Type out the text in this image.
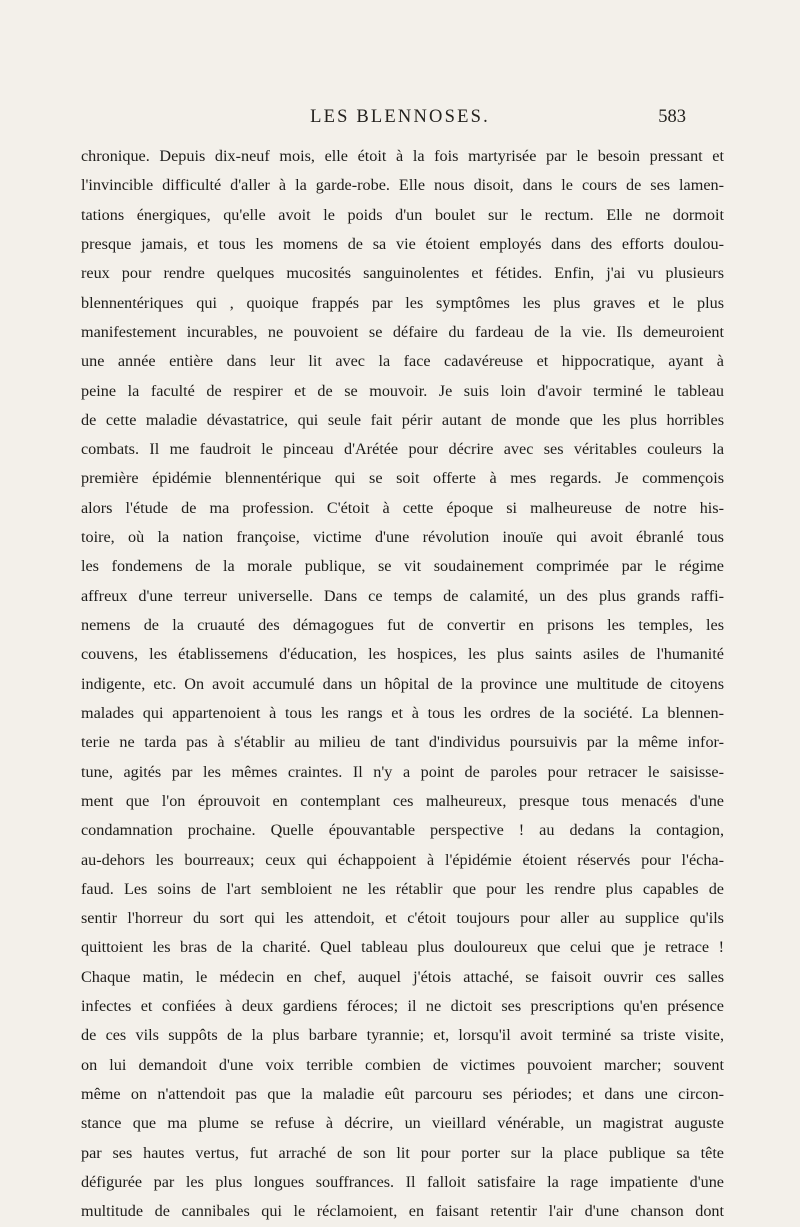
LES BLENNOSES.	583
chronique. Depuis dix-neuf mois, elle étoit à la fois martyrisée par le besoin pressant et
l'invincible difficulté d'aller à la garde-robe. Elle nous disoit, dans le cours de ses lamen-
tations énergiques, qu'elle avoit le poids d'un boulet sur le rectum. Elle ne dormoit
presque jamais, et tous les momens de sa vie étoient employés dans des efforts doulou-
reux pour rendre quelques mucosités sanguinolentes et fétides. Enfin, j'ai vu plusieurs
blennentériques qui , quoique frappés par les symptômes les plus graves et le plus
manifestement incurables, ne pouvoient se défaire du fardeau de la vie. Ils demeuroient
une année entière dans leur lit avec la face cadavéreuse et hippocratique, ayant à
peine la faculté de respirer et de se mouvoir. Je suis loin d'avoir terminé le tableau
de cette maladie dévastatrice, qui seule fait périr autant de monde que les plus horribles
combats. Il me faudroit le pinceau d'Arétée pour décrire avec ses véritables couleurs la
première épidémie blennentérique qui se soit offerte à mes regards. Je commençois
alors l'étude de ma profession. C'étoit à cette époque si malheureuse de notre his-
toire, où la nation françoise, victime d'une révolution inouïe qui avoit ébranlé tous
les fondemens de la morale publique, se vit soudainement comprimée par le régime
affreux d'une terreur universelle. Dans ce temps de calamité, un des plus grands raffi-
nemens de la cruauté des démagogues fut de convertir en prisons les temples, les
couvens, les établissemens d'éducation, les hospices, les plus saints asiles de l'humanité
indigente, etc. On avoit accumulé dans un hôpital de la province une multitude de citoyens
malades qui appartenoient à tous les rangs et à tous les ordres de la société. La blennen-
terie ne tarda pas à s'établir au milieu de tant d'individus poursuivis par la même infor-
tune, agités par les mêmes craintes. Il n'y a point de paroles pour retracer le saisisse-
ment que l'on éprouvoit en contemplant ces malheureux, presque tous menacés d'une
condamnation prochaine. Quelle épouvantable perspective ! au dedans la contagion,
au-dehors les bourreaux; ceux qui échappoient à l'épidémie étoient réservés pour l'écha-
faud. Les soins de l'art sembloient ne les rétablir que pour les rendre plus capables de
sentir l'horreur du sort qui les attendoit, et c'étoit toujours pour aller au supplice qu'ils
quittoient les bras de la charité. Quel tableau plus douloureux que celui que je retrace !
Chaque matin, le médecin en chef, auquel j'étois attaché, se faisoit ouvrir ces salles
infectes et confiées à deux gardiens féroces; il ne dictoit ses prescriptions qu'en présence
de ces vils suppôts de la plus barbare tyrannie; et, lorsqu'il avoit terminé sa triste visite,
on lui demandoit d'une voix terrible combien de victimes pouvoient marcher; souvent
même on n'attendoit pas que la maladie eût parcouru ses périodes; et dans une circon-
stance que ma plume se refuse à décrire, un vieillard vénérable, un magistrat auguste
par ses hautes vertus, fut arraché de son lit pour porter sur la place publique sa tête
défigurée par les plus longues souffrances. Il falloit satisfaire la rage impatiente d'une
multitude de cannibales qui le réclamoient, en faisant retentir l'air d'une chanson dont
